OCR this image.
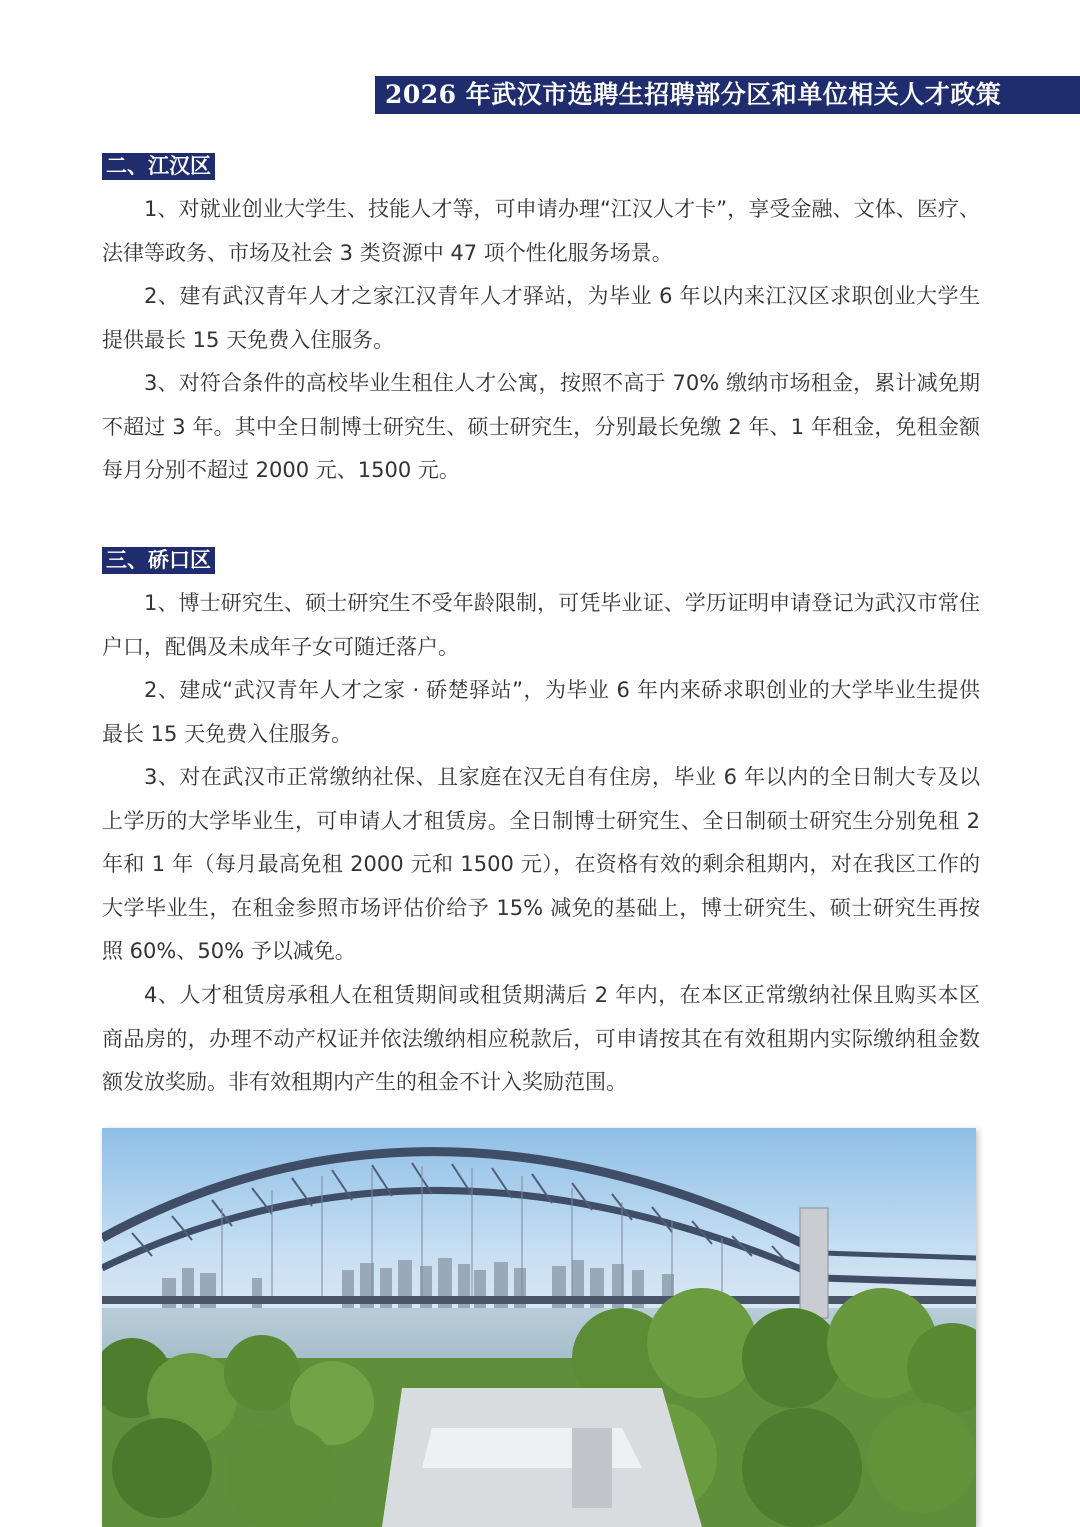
2026 年武汉市选聘生招聘部分区和单位相关人才政策
二、江汉区

1、对就业创业大学生、技能人才等，可申请办理“江汉人才卡”，享受金融、文体、医疗、法律等政务、市场及社会 3 类资源中 47 项个性化服务场景。

2、建有武汉青年人才之家江汉青年人才驿站，为毕业 6 年以内来江汉区求职创业大学生提供最长 15 天免费入住服务。

3、对符合条件的高校毕业生租住人才公寓，按照不高于 70% 缴纳市场租金，累计减免期不超过 3 年。其中全日制博士研究生、硕士研究生，分别最长免缴 2 年、1 年租金，免租金额每月分别不超过 2000 元、1500 元。

三、硚口区

1、博士研究生、硕士研究生不受年龄限制，可凭毕业证、学历证明申请登记为武汉市常住户口，配偶及未成年子女可随迁落户。

2、建成“武汉青年人才之家 · 硚楚驿站”，为毕业 6 年内来硚求职创业的大学毕业生提供最长 15 天免费入住服务。

3、对在武汉市正常缴纳社保、且家庭在汉无自有住房，毕业 6 年以内的全日制大专及以上学历的大学毕业生，可申请人才租赁房。全日制博士研究生、全日制硕士研究生分别免租 2 年和 1 年（每月最高免租 2000 元和 1500 元），在资格有效的剩余租期内，对在我区工作的大学毕业生，在租金参照市场评估价给予 15% 减免的基础上，博士研究生、硕士研究生再按照 60%、50% 予以减免。

4、人才租赁房承租人在租赁期间或租赁期满后 2 年内，在本区正常缴纳社保且购买本区商品房的，办理不动产权证并依法缴纳相应税款后，可申请按其在有效租期内实际缴纳租金数额发放奖励。非有效租期内产生的租金不计入奖励范围。
